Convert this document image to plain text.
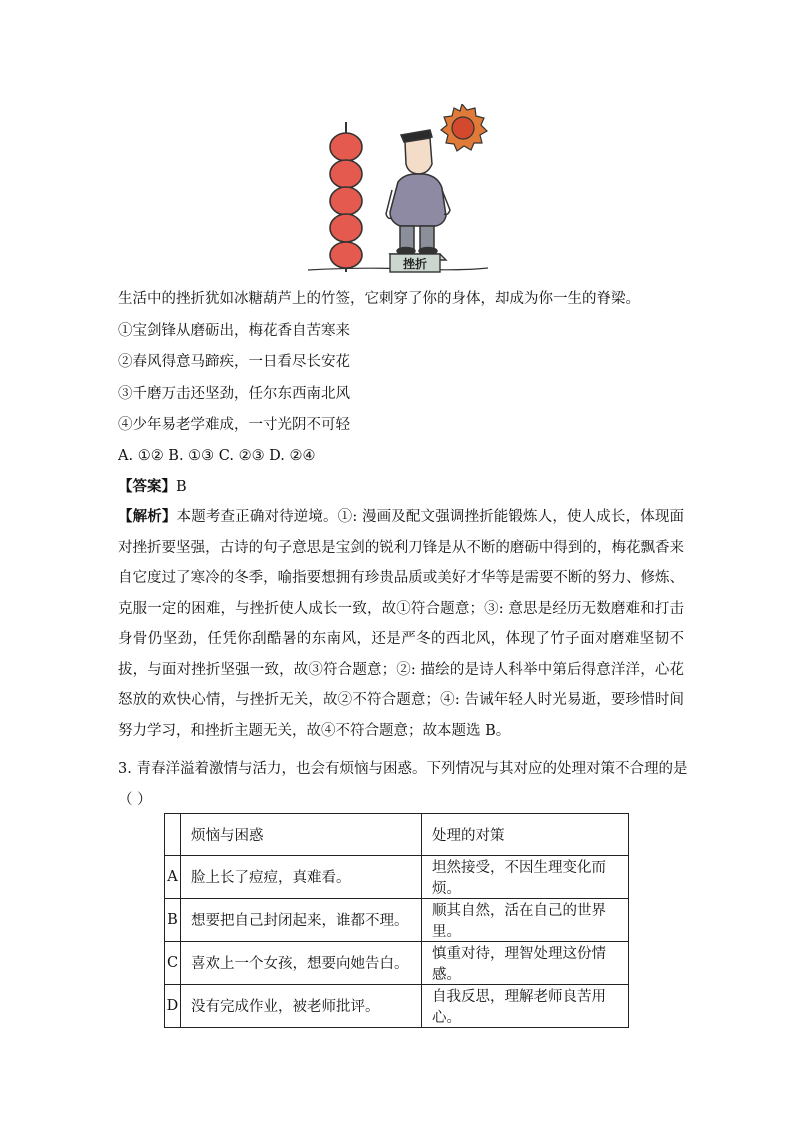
挫折
生活中的挫折犹如冰糖葫芦上的竹签，它刺穿了你的身体，却成为你一生的脊梁。
①宝剑锋从磨砺出，梅花香自苦寒来
②春风得意马蹄疾，一日看尽长安花
③千磨万击还坚劲，任尔东西南北风
④少年易老学难成，一寸光阴不可轻
A. ①② B. ①③ C. ②③ D. ②④
【答案】B
【解析】本题考查正确对待逆境。①: 漫画及配文强调挫折能锻炼人，使人成长，体现面对挫折要坚强，古诗的句子意思是宝剑的锐利刀锋是从不断的磨砺中得到的，梅花飘香来自它度过了寒冷的冬季，喻指要想拥有珍贵品质或美好才华等是需要不断的努力、修炼、克服一定的困难，与挫折使人成长一致，故①符合题意；③: 意思是经历无数磨难和打击身骨仍坚劲，任凭你刮酷暑的东南风，还是严冬的西北风，体现了竹子面对磨难坚韧不拔，与面对挫折坚强一致，故③符合题意；②: 描绘的是诗人科举中第后得意洋洋，心花怒放的欢快心情，与挫折无关，故②不符合题意；④: 告诫年轻人时光易逝，要珍惜时间努力学习，和挫折主题无关，故④不符合题意；故本题选 B。
3. 青春洋溢着激情与活力，也会有烦恼与困惑。下列情况与其对应的处理对策不合理的是
（ ）
	烦恼与困惑	处理的对策
A	脸上长了痘痘，真难看。	坦然接受，不因生理变化而烦。
B	想要把自己封闭起来，谁都不理。	顺其自然，活在自己的世界里。
C	喜欢上一个女孩，想要向她告白。	慎重对待，理智处理这份情感。
D	没有完成作业，被老师批评。	自我反思，理解老师良苦用心。
